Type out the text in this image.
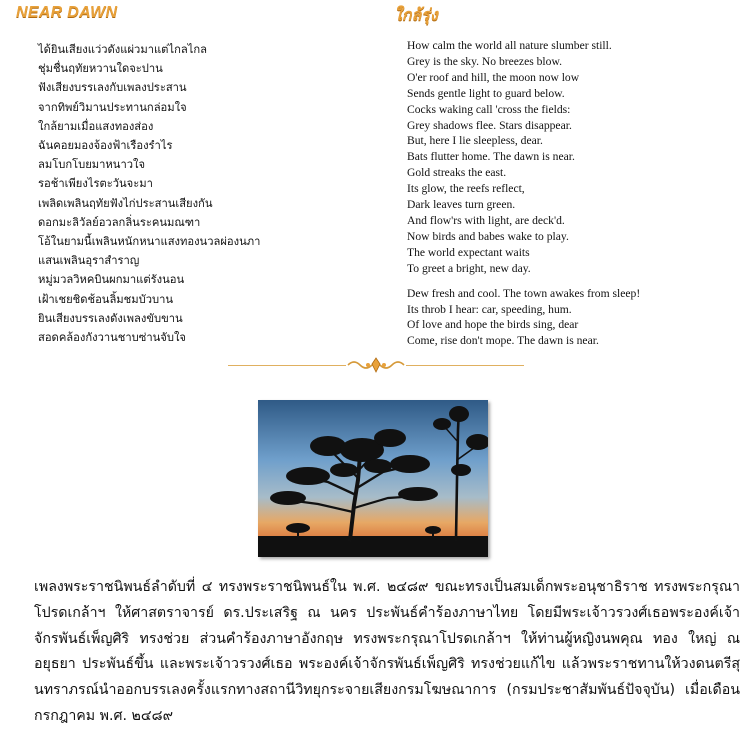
NEAR DAWN	ใกล้รุ่ง
ได้ยินเสียงแว่วดังแผ่วมาแต่ไกลไกล
ชุ่มชื่นฤทัยหวานใดจะปาน
ฟังเสียงบรรเลงกับเพลงประสาน
จากทิพย์วิมานประทานกล่อมใจ
ใกล้ยามเมื่อแสงทองส่อง
ฉันคอยมองจ้องฟ้าเรืองรำไร
ลมโบกโบยมาหนาวใจ
รอช้าเพียงไรตะวันจะมา
เพลิดเพลินฤทัยฟังไก่ประสานเสียงกัน
ดอกมะลิวัลย์อวลกลิ่นระคนมณฑา
โอ้ในยามนี้เพลินหนักหนาแสงทองนวลผ่องนภา
แสนเพลินอุราสำราญ
หมู่มวลวิหคบินผกมาแต่รังนอน
เฝ้าเชยชิดช้อนลิ้มชมบัวบาน
ยินเสียงบรรเลงดังเพลงขับขาน
สอดคล้องกังวานชาบซ่านจับใจ
How calm the world all nature slumber still.
Grey is the sky. No breezes blow.
O'er roof and hill, the moon now low
Sends gentle light to guard below.
Cocks waking call 'cross the fields:
Grey shadows flee. Stars disappear.
But, here I lie sleepless, dear.
Bats flutter home. The dawn is near.
Gold streaks the east.
Its glow, the reefs reflect,
Dark leaves turn green.
And flow'rs with light, are deck'd.
Now birds and babes wake to play.
The world expectant waits
To greet a bright, new day.
Dew fresh and cool. The town awakes from sleep!
Its throb I hear: car, speeding, hum.
Of love and hope the birds sing, dear
Come, rise don't mope. The dawn is near.
เพลงพระราชนิพนธ์ลำดับที่ ๔ ทรงพระราชนิพนธ์ใน พ.ศ. ๒๔๘๙ ขณะทรงเป็นสมเด็กพระอนุชาธิราช ทรงพระกรุณาโปรดเกล้าฯ ให้ศาสตราจารย์ ดร.ประเสริฐ ณ นคร ประพันธ์คำร้องภาษาไทย โดยมีพระเจ้าวรวงศ์เธอพระองค์เจ้าจักรพันธ์เพ็ญศิริ ทรงช่วย ส่วนคำร้องภาษาอังกฤษ ทรงพระกรุณาโปรดเกล้าฯ ให้ท่านผู้หญิงนพคุณ ทอง ใหญ่ ณ อยุธยา ประพันธ์ขึ้น และพระเจ้าวรวงศ์เธอ พระองค์เจ้าจักรพันธ์เพ็ญศิริ ทรงช่วยแก้ไข แล้วพระราชทานให้วงดนตรีสุนทราภรณ์นำออกบรรเลงครั้งแรกทางสถานีวิทยุกระจายเสียงกรมโฆษณาการ (กรมประชาสัมพันธ์ปัจจุบัน) เมื่อเดือนกรกฎาคม พ.ศ. ๒๔๘๙
